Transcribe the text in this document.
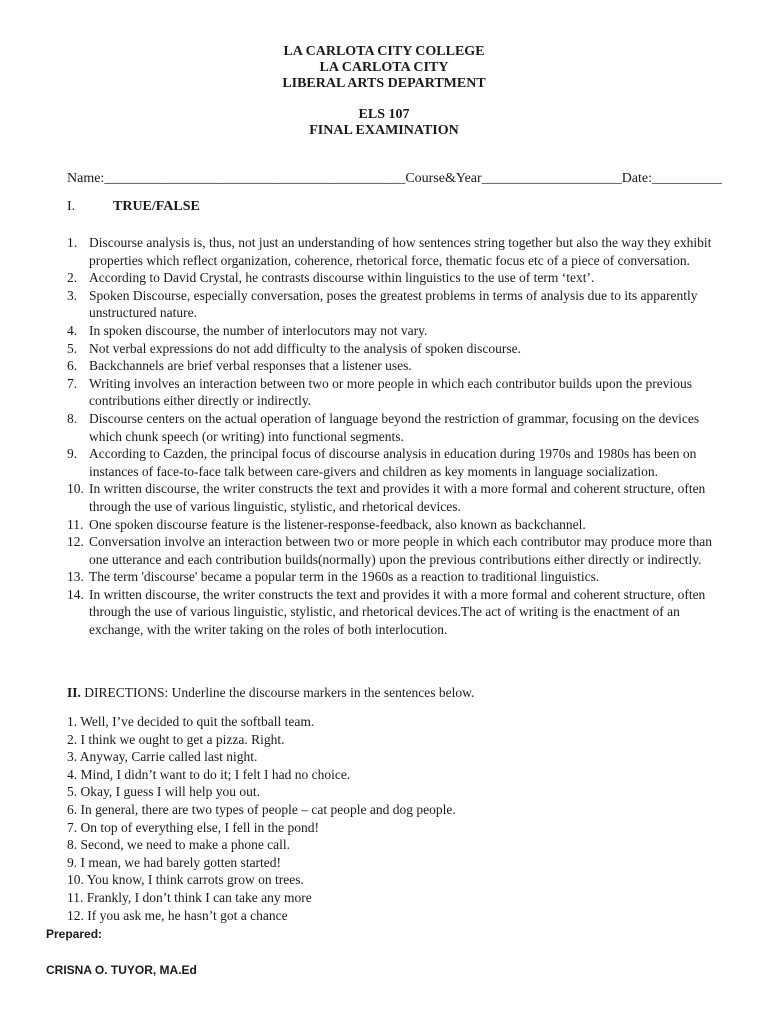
LA CARLOTA CITY COLLEGE
LA CARLOTA CITY
LIBERAL ARTS DEPARTMENT
ELS 107
FINAL EXAMINATION
Name:___________________________________________Course&Year____________________Date:__________
I.	TRUE/FALSE
1. Discourse analysis is, thus, not just an understanding of how sentences string together but also the way they exhibit properties which reflect organization, coherence, rhetorical force, thematic focus etc of a piece of conversation.
2. According to David Crystal, he contrasts discourse within linguistics to the use of term ‘text’.
3. Spoken Discourse, especially conversation, poses the greatest problems in terms of analysis due to its apparently unstructured nature.
4. In spoken discourse, the number of interlocutors may not vary.
5. Not verbal expressions do not add difficulty to the analysis of spoken discourse.
6. Backchannels are brief verbal responses that a listener uses.
7. Writing involves an interaction between two or more people in which each contributor builds upon the previous contributions either directly or indirectly.
8. Discourse centers on the actual operation of language beyond the restriction of grammar, focusing on the devices which chunk speech (or writing) into functional segments.
9. According to Cazden, the principal focus of discourse analysis in education during 1970s and 1980s has been on instances of face-to-face talk between care-givers and children as key moments in language socialization.
10. In written discourse, the writer constructs the text and provides it with a more formal and coherent structure, often through the use of various linguistic, stylistic, and rhetorical devices.
11. One spoken discourse feature is the listener-response-feedback, also known as backchannel.
12. Conversation involve an interaction between two or more people in which each contributor may produce more than one utterance and each contribution builds(normally) upon the previous contributions either directly or indirectly.
13. The term 'discourse' became a popular term in the 1960s as a reaction to traditional linguistics.
14. In written discourse, the writer constructs the text and provides it with a more formal and coherent structure, often through the use of various linguistic, stylistic, and rhetorical devices.The act of writing is the enactment of an exchange, with the writer taking on the roles of both interlocution.
II. DIRECTIONS: Underline the discourse markers in the sentences below.
1. Well, I’ve decided to quit the softball team.
2. I think we ought to get a pizza. Right.
3. Anyway, Carrie called last night.
4. Mind, I didn’t want to do it; I felt I had no choice.
5. Okay, I guess I will help you out.
6. In general, there are two types of people – cat people and dog people.
7. On top of everything else, I fell in the pond!
8. Second, we need to make a phone call.
9. I mean, we had barely gotten started!
10. You know, I think carrots grow on trees.
11. Frankly, I don’t think I can take any more
12. If you ask me, he hasn’t got a chance
Prepared:
CRISNA O. TUYOR, MA.Ed
